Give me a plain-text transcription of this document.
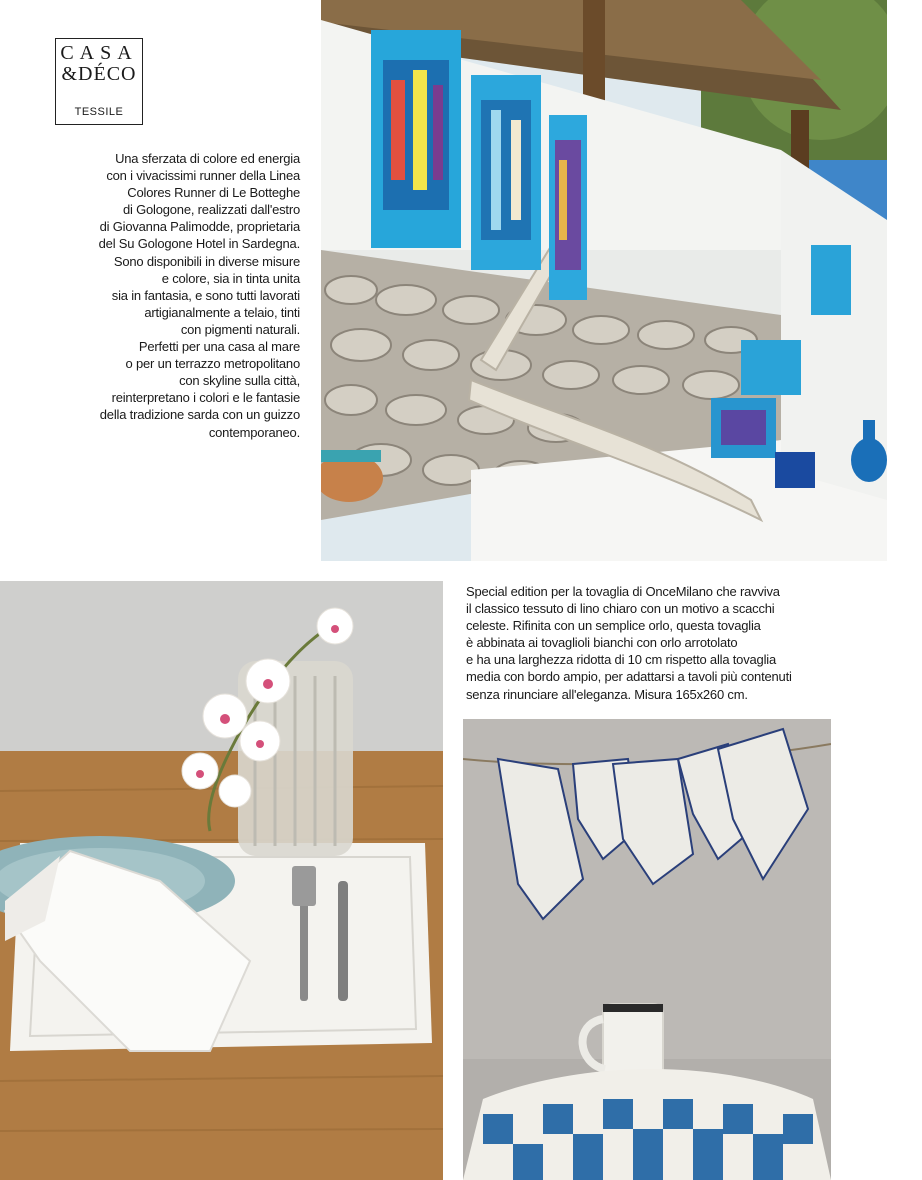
CASA
&DÉCO
TESSILE
Una sferzata di colore ed energia
con i vivacissimi runner della Linea
Colores Runner di Le Botteghe
di Gologone, realizzati dall'estro
di Giovanna Palimodde, proprietaria
del Su Gologone Hotel in Sardegna.
Sono disponibili in diverse misure
e colore, sia in tinta unita
sia in fantasia, e sono tutti lavorati
artigianalmente a telaio, tinti
con pigmenti naturali.
Perfetti per una casa al mare
o per un terrazzo metropolitano
con skyline sulla città,
reinterpretano i colori e le fantasie
della tradizione sarda con un guizzo
contemporaneo.
Special edition per la tovaglia di OnceMilano che ravviva
il classico tessuto di lino chiaro con un motivo a scacchi
celeste. Rifinita con un semplice orlo, questa tovaglia
è abbinata ai tovaglioli bianchi con orlo arrotolato
e ha una larghezza ridotta di 10 cm rispetto alla tovaglia
media con bordo ampio, per adattarsi a tavoli più contenuti
senza rinunciare all'eleganza. Misura 165x260 cm.
